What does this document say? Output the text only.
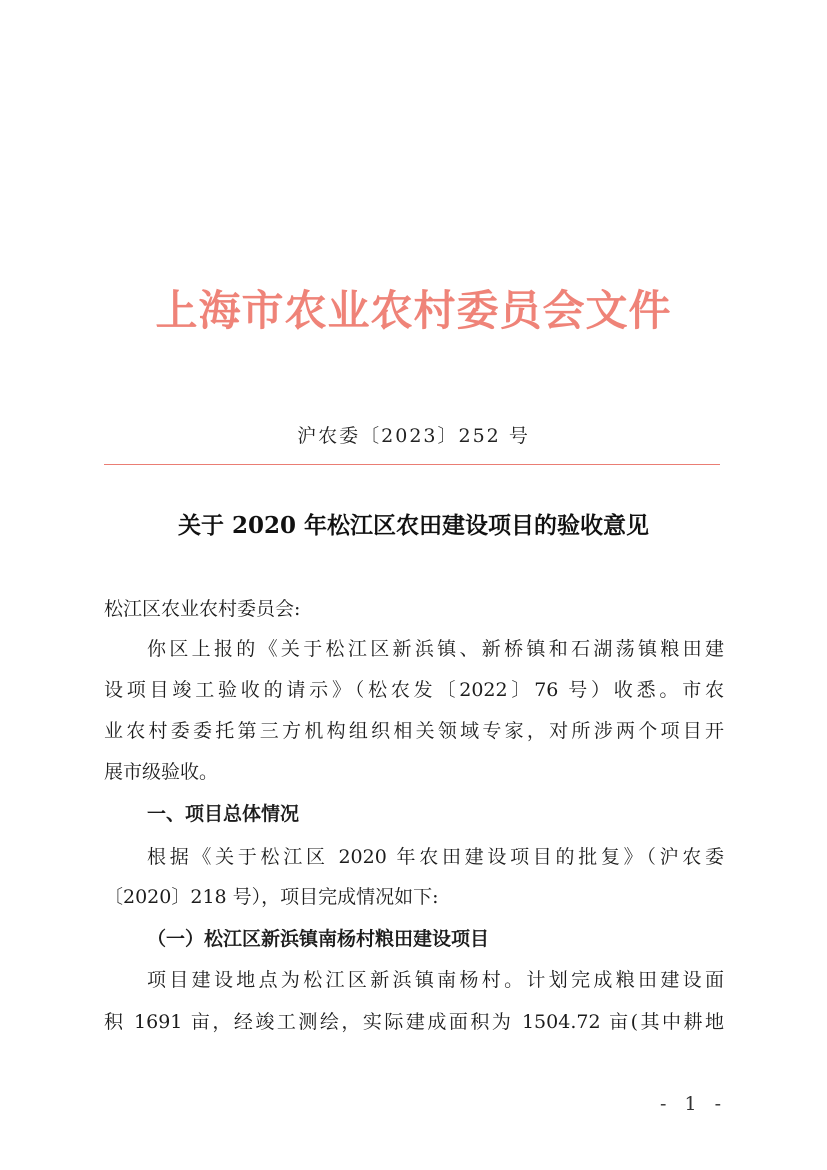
上海市农业农村委员会文件
沪农委〔2023〕252 号
关于 2020 年松江区农田建设项目的验收意见
松江区农业农村委员会:
你区上报的《关于松江区新浜镇、新桥镇和石湖荡镇粮田建
设项目竣工验收的请示》（松农发〔2022〕76 号）收悉。市农
业农村委委托第三方机构组织相关领域专家，对所涉两个项目开
展市级验收。
一、项目总体情况
根据《关于松江区 2020 年农田建设项目的批复》（沪农委
〔2020〕218 号），项目完成情况如下:
（一）松江区新浜镇南杨村粮田建设项目
项目建设地点为松江区新浜镇南杨村。计划完成粮田建设面
积 1691 亩，经竣工测绘，实际建成面积为 1504.72 亩(其中耕地
- 1 -
